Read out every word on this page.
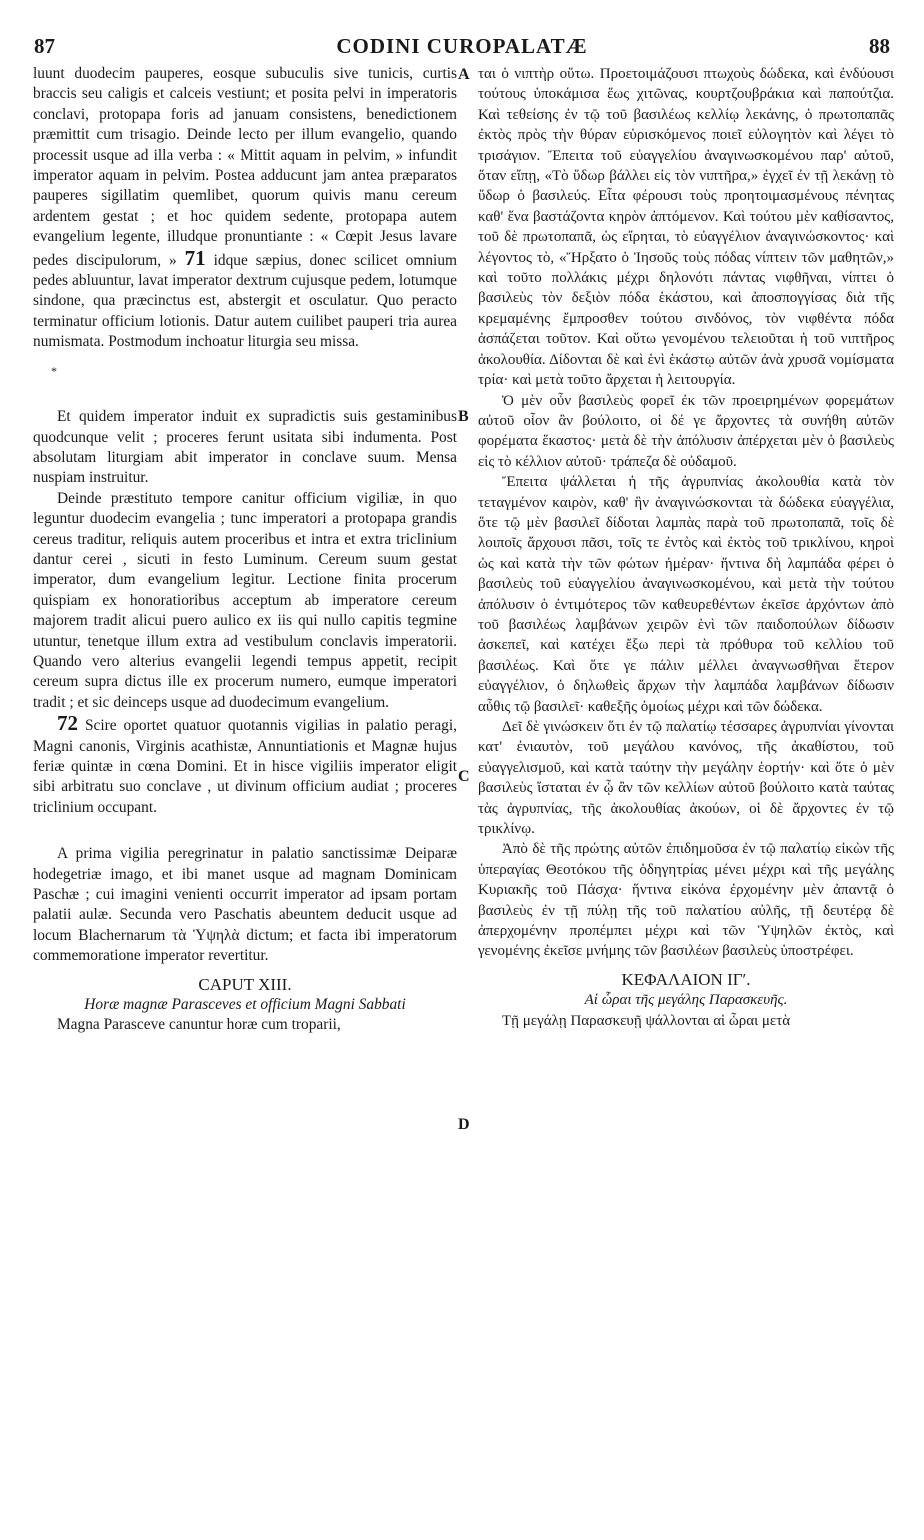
87	CODINI CUROPALATÆ	88
A
B
C
D

luunt duodecim pauperes, eosque subuculis sive tunicis, curtis braccis seu caligis et calceis vestiunt; et posita pelvi in imperatoris conclavi, protopapa foris ad januam consistens, benedictionem præmittit cum trisagio. Deinde lecto per illum evangelio, quando processit usque ad illa verba : « Mittit aquam in pelvim, » infundit imperator aquam in pelvim. Postea adducunt jam antea præparatos pauperes sigillatim quemlibet, quorum quivis manu cereum ardentem gestat ; et hoc quidem sedente, protopapa autem evangelium legente, illudque pronuntiante : « Cœpit Jesus lavare pedes discipulorum, » 71 idque sæpius, donec scilicet omnium pedes abluuntur, lavat imperator dextrum cujusque pedem, lotumque sindone, qua præcinctus est, abstergit et osculatur. Quo peracto terminatur officium lotionis. Datur autem cuilibet pauperi tria aurea numismata. Postmodum inchoatur liturgia seu missa.

*

Et quidem imperator induit ex supradictis suis gestaminibus quodcunque velit ; proceres ferunt usitata sibi indumenta. Post absolutam liturgiam abit imperator in conclave suum. Mensa nuspiam instruitur.

Deinde præstituto tempore canitur officium vigiliæ, in quo leguntur duodecim evangelia ; tunc imperatori a protopapa grandis cereus traditur, reliquis autem proceribus et intra et extra triclinium dantur cerei , sicuti in festo Luminum. Cereum suum gestat imperator, dum evangelium legitur. Lectione finita procerum quispiam ex honoratioribus acceptum ab imperatore cereum majorem tradit alicui puero aulico ex iis qui nullo capitis tegmine utuntur, tenetque illum extra ad vestibulum conclavis imperatorii. Quando vero alterius evangelii legendi tempus appetit, recipit cereum supra dictus ille ex procerum numero, eumque imperatori tradit ; et sic deinceps usque ad duodecimum evangelium.

72 Scire oportet quatuor quotannis vigilias in palatio peragi, Magni canonis, Virginis acathistæ, Annuntiationis et Magnæ hujus feriæ quintæ in cœna Domini. Et in hisce vigiliis imperator eligit sibi arbitratu suo conclave , ut divinum officium audiat ; proceres triclinium occupant.

A prima vigilia peregrinatur in palatio sanctissimæ Deiparæ hodegetriæ imago, et ibi manet usque ad magnam Dominicam Paschæ ; cui imagini venienti occurrit imperator ad ipsam portam palatii aulæ. Secunda vero Paschatis abeuntem deducit usque ad locum Blachernarum τὰ Ὑψηλὰ dictum; et facta ibi imperatorum commemoratione imperator revertitur.

CAPUT XIII.

Horæ magnæ Parasceves et officium Magni Sabbati

Magna Parasceve canuntur horæ cum troparii,

ται ὁ νιπτὴρ οὕτω. Προετοιμάζουσι πτωχοὺς δώδεκα, καὶ ἐνδύουσι τούτους ὑποκάμισα ἕως χιτῶνας, κουρτζουβράκια καὶ παπούτζια. Καὶ τεθείσης ἐν τῷ τοῦ βασιλέως κελλίῳ λεκάνης, ὁ πρωτοπαπᾶς ἐκτὸς πρὸς τὴν θύραν εὑρισκόμενος ποιεῖ εὐλογητὸν καὶ λέγει τὸ τρισάγιον. Ἔπειτα τοῦ εὐαγγελίου ἀναγινωσκομένου παρ' αὐτοῦ, ὅταν εἴπῃ, «Τὸ ὕδωρ βάλλει εἰς τὸν νιπτῆρα,» ἐγχεῖ ἐν τῇ λεκάνῃ τὸ ὕδωρ ὁ βασιλεύς. Εἶτα φέρουσι τοὺς προητοιμασμένους πένητας καθ' ἕνα βαστάζοντα κηρὸν ἀπτόμενον. Καὶ τούτου μὲν καθίσαντος, τοῦ δὲ πρωτοπαπᾶ, ὡς εἴρηται, τὸ εὐαγγέλιον ἀναγινώσκοντος· καὶ λέγοντος τὸ, «Ἤρξατο ὁ Ἰησοῦς τοὺς πόδας νίπτειν τῶν μαθητῶν,» καὶ τοῦτο πολλάκις μέχρι δηλονότι πάντας νιφθῆναι, νίπτει ὁ βασιλεὺς τὸν δεξιὸν πόδα ἑκάστου, καὶ ἀποσπογγίσας διὰ τῆς κρεμαμένης ἔμπροσθεν τούτου σινδόνος, τὸν νιφθέντα πόδα ἀσπάζεται τοῦτον. Καὶ οὕτω γενομένου τελειοῦται ἡ τοῦ νιπτῆρος ἀκολουθία. Δίδονται δὲ καὶ ἑνὶ ἑκάστῳ αὐτῶν ἀνὰ χρυσᾶ νομίσματα τρία· καὶ μετὰ τοῦτο ἄρχεται ἡ λειτουργία.

Ὁ μὲν οὖν βασιλεὺς φορεῖ ἐκ τῶν προειρημένων φορεμάτων αὐτοῦ οἷον ἂν βούλοιτο, οἱ δέ γε ἄρχοντες τὰ συνήθη αὐτῶν φορέματα ἕκαστος· μετὰ δὲ τὴν ἀπόλυσιν ἀπέρχεται μὲν ὁ βασιλεὺς εἰς τὸ κέλλιον αὐτοῦ· τράπεζα δὲ οὐδαμοῦ.

Ἔπειτα ψάλλεται ἡ τῆς ἀγρυπνίας ἀκολουθία κατὰ τὸν τεταγμένον καιρὸν, καθ' ἣν ἀναγινώσκονται τὰ δώδεκα εὐαγγέλια, ὅτε τῷ μὲν βασιλεῖ δίδοται λαμπὰς παρὰ τοῦ πρωτοπαπᾶ, τοῖς δὲ λοιποῖς ἄρχουσι πᾶσι, τοῖς τε ἐντὸς καὶ ἐκτὸς τοῦ τρικλίνου, κηροὶ ὡς καὶ κατὰ τὴν τῶν φώτων ἡμέραν· ἥντινα δὴ λαμπάδα φέρει ὁ βασιλεὺς τοῦ εὐαγγελίου ἀναγινωσκομένου, καὶ μετὰ τὴν τούτου ἀπόλυσιν ὁ ἐντιμότερος τῶν καθευρεθέντων ἐκεῖσε ἀρχόντων ἀπὸ τοῦ βασιλέως λαμβάνων χειρῶν ἑνὶ τῶν παιδοπούλων δίδωσιν ἀσκεπεῖ, καὶ κατέχει ἔξω περὶ τὰ πρόθυρα τοῦ κελλίου τοῦ βασιλέως. Καὶ ὅτε γε πάλιν μέλλει ἀναγνωσθῆναι ἕτερον εὐαγγέλιον, ὁ δηλωθεὶς ἄρχων τὴν λαμπάδα λαμβάνων δίδωσιν αὖθις τῷ βασιλεῖ· καθεξῆς ὁμοίως μέχρι καὶ τῶν δώδεκα.

Δεῖ δὲ γινώσκειν ὅτι ἐν τῷ παλατίῳ τέσσαρες ἀγρυπνίαι γίνονται κατ' ἐνιαυτὸν, τοῦ μεγάλου κανόνος, τῆς ἀκαθίστου, τοῦ εὐαγγελισμοῦ, καὶ κατὰ ταύτην τὴν μεγάλην ἑορτήν· καὶ ὅτε ὁ μὲν βασιλεὺς ἵσταται ἐν ᾧ ἂν τῶν κελλίων αὐτοῦ βούλοιτο κατὰ ταύτας τὰς ἀγρυπνίας, τῆς ἀκολουθίας ἀκούων, οἱ δὲ ἄρχοντες ἐν τῷ τρικλίνῳ.

Ἀπὸ δὲ τῆς πρώτης αὐτῶν ἐπιδημοῦσα ἐν τῷ παλατίῳ εἰκὼν τῆς ὑπεραγίας Θεοτόκου τῆς ὁδηγητρίας μένει μέχρι καὶ τῆς μεγάλης Κυριακῆς τοῦ Πάσχα· ἥντινα εἰκόνα ἐρχομένην μὲν ἀπαντᾷ ὁ βασιλεὺς ἐν τῇ πύλῃ τῆς τοῦ παλατίου αὐλῆς, τῇ δευτέρᾳ δὲ ἀπερχομένην προπέμπει μέχρι καὶ τῶν Ὑψηλῶν ἐκτὸς, καὶ γενομένης ἐκεῖσε μνήμης τῶν βασιλέων βασιλεὺς ὑποστρέφει.

ΚΕΦΑΛΑΙΟΝ ΙΓʹ.

Αἱ ὧραι τῆς μεγάλης Παρασκευῆς.

Τῇ μεγάλῃ Παρασκευῇ ψάλλονται αἱ ὧραι μετὰ
